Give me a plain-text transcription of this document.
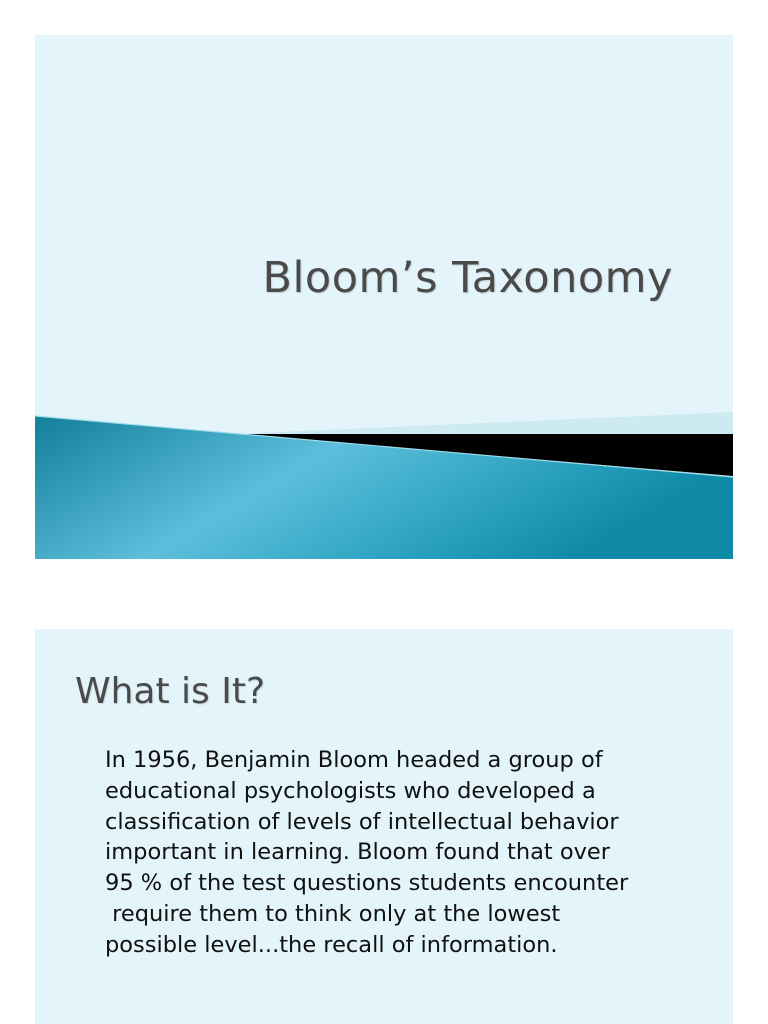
Bloom’s Taxonomy
What is It?

In 1956, Benjamin Bloom headed a group of
educational psychologists who developed a
classification of levels of intellectual behavior
important in learning. Bloom found that over
95 % of the test questions students encounter
require them to think only at the lowest
possible level...the recall of information.
